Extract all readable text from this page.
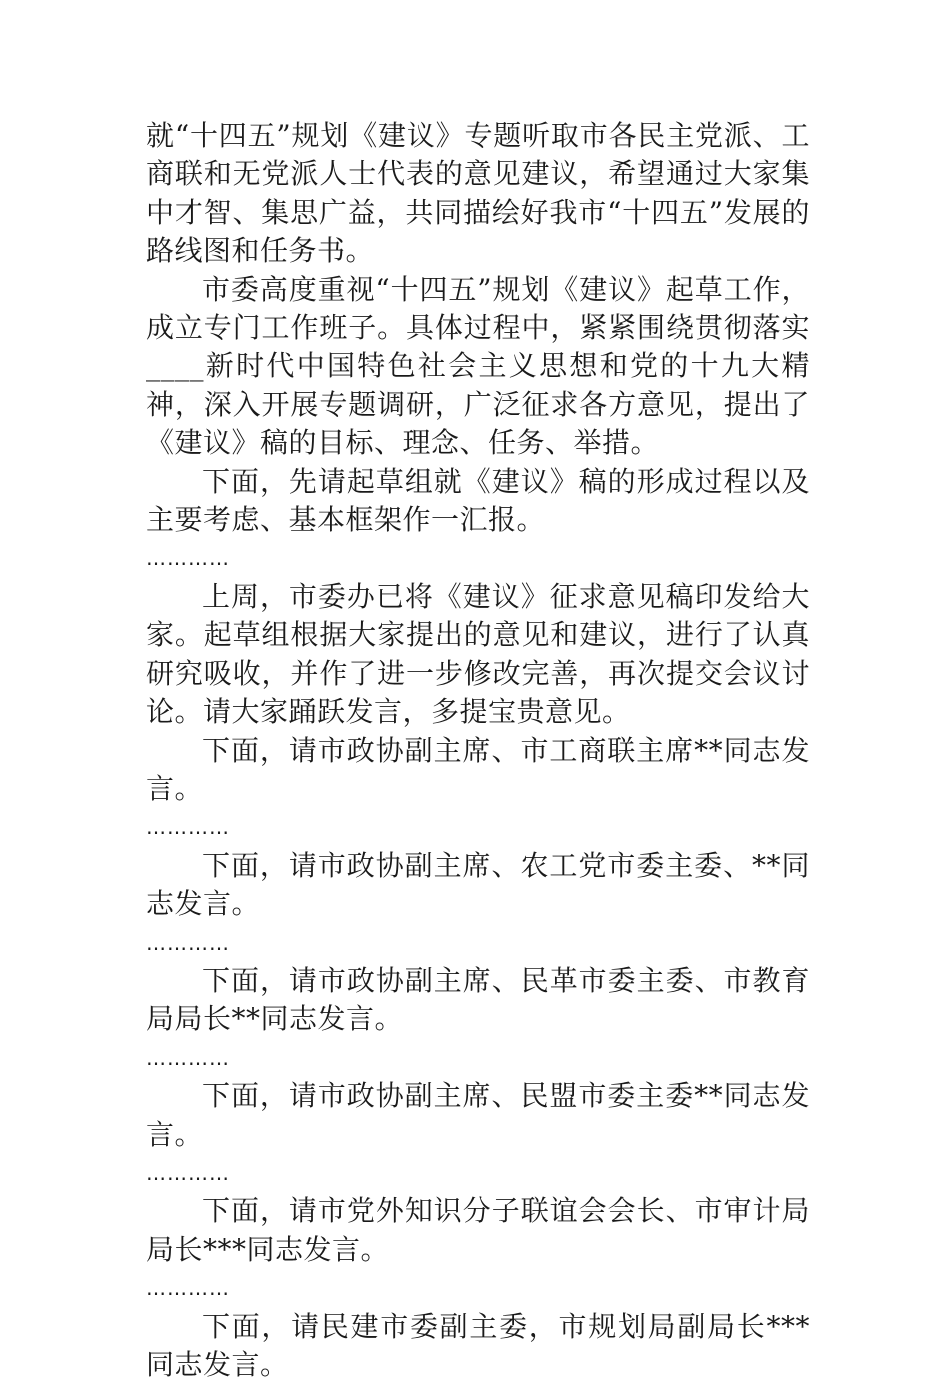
就“十四五”规划《建议》专题听取市各民主党派、工商联和无党派人士代表的意见建议，希望通过大家集中才智、集思广益，共同描绘好我市“十四五”发展的路线图和任务书。

市委高度重视“十四五”规划《建议》起草工作，成立专门工作班子。具体过程中，紧紧围绕贯彻落实____新时代中国特色社会主义思想和党的十九大精神，深入开展专题调研，广泛征求各方意见，提出了《建议》稿的目标、理念、任务、举措。

下面，先请起草组就《建议》稿的形成过程以及主要考虑、基本框架作一汇报。

…………

上周，市委办已将《建议》征求意见稿印发给大家。起草组根据大家提出的意见和建议，进行了认真研究吸收，并作了进一步修改完善，再次提交会议讨论。请大家踊跃发言，多提宝贵意见。

下面，请市政协副主席、市工商联主席**同志发言。

…………

下面，请市政协副主席、农工党市委主委、**同志发言。

…………

下面，请市政协副主席、民革市委主委、市教育局局长**同志发言。

…………

下面，请市政协副主席、民盟市委主委**同志发言。

…………

下面，请市党外知识分子联谊会会长、市审计局局长***同志发言。

…………

下面，请民建市委副主委，市规划局副局长***同志发言。
